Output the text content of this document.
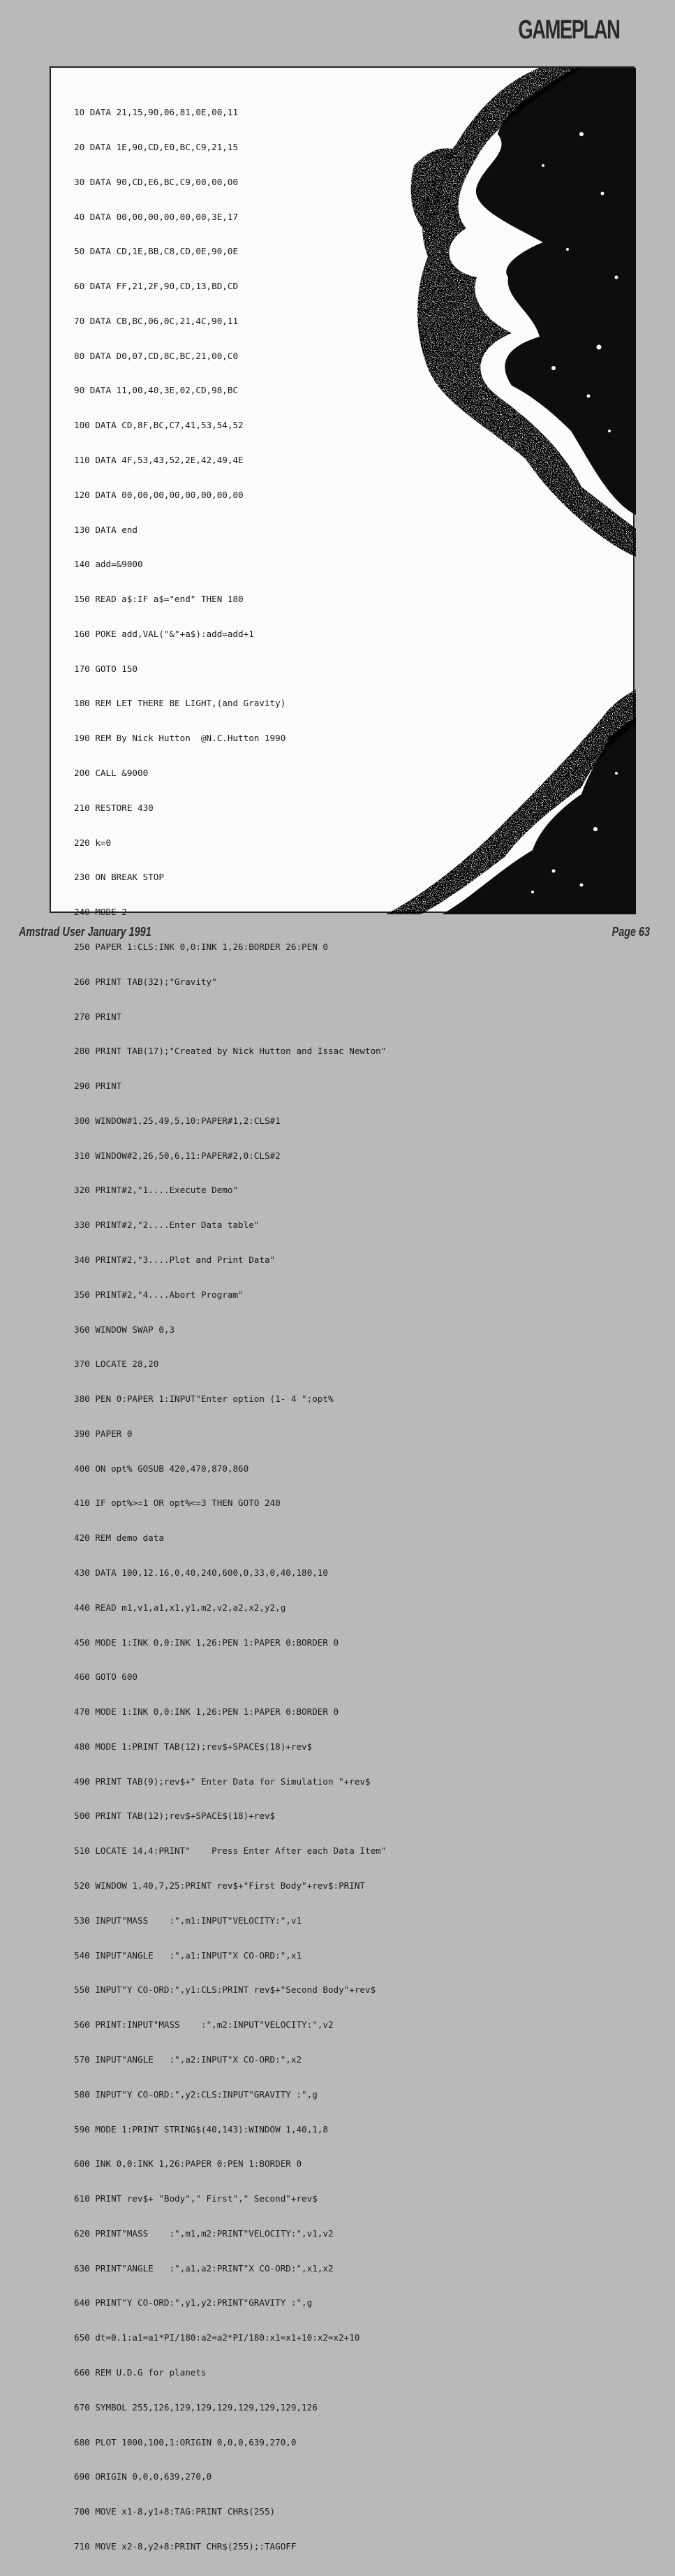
GAMEPLAN

10 DATA 21,15,90,06,81,0E,00,11

20 DATA 1E,90,CD,E0,BC,C9,21,15

30 DATA 90,CD,E6,BC,C9,00,00,00

40 DATA 00,00,00,00,00,00,3E,17

50 DATA CD,1E,BB,C8,CD,0E,90,0E

60 DATA FF,21,2F,90,CD,13,BD,CD

70 DATA CB,BC,06,0C,21,4C,90,11

80 DATA D0,07,CD,8C,BC,21,00,C0

90 DATA 11,00,40,3E,02,CD,98,BC

100 DATA CD,8F,BC,C7,41,53,54,52

110 DATA 4F,53,43,52,2E,42,49,4E

120 DATA 00,00,00,00,00,00,00,00

130 DATA end

140 add=&9000

150 READ a$:IF a$="end" THEN 180

160 POKE add,VAL("&"+a$):add=add+1

170 GOTO 150

180 REM LET THERE BE LIGHT,(and Gravity)

190 REM By Nick Hutton  @N.C.Hutton 1990

200 CALL &9000

210 RESTORE 430

220 k=0

230 ON BREAK STOP

240 MODE 2

250 PAPER 1:CLS:INK 0,0:INK 1,26:BORDER 26:PEN 0

260 PRINT TAB(32);"Gravity"

270 PRINT

280 PRINT TAB(17);"Created by Nick Hutton and Issac Newton"

290 PRINT

300 WINDOW#1,25,49,5,10:PAPER#1,2:CLS#1

310 WINDOW#2,26,50,6,11:PAPER#2,0:CLS#2

320 PRINT#2,"1....Execute Demo"

330 PRINT#2,"2....Enter Data table"

340 PRINT#2,"3....Plot and Print Data"

350 PRINT#2,"4....Abort Program"

360 WINDOW SWAP 0,3

370 LOCATE 28,20

380 PEN 0:PAPER 1:INPUT"Enter option (1- 4 ";opt%

390 PAPER 0

400 ON opt% GOSUB 420,470,870,860

410 IF opt%>=1 OR opt%<=3 THEN GOTO 240

420 REM demo data

430 DATA 100,12.16,0,40,240,600,0,33,0,40,180,10

440 READ m1,v1,a1,x1,y1,m2,v2,a2,x2,y2,g

450 MODE 1:INK 0,0:INK 1,26:PEN 1:PAPER 0:BORDER 0

460 GOTO 600

470 MODE 1:INK 0,0:INK 1,26:PEN 1:PAPER 0:BORDER 0

480 MODE 1:PRINT TAB(12);rev$+SPACE$(18)+rev$

490 PRINT TAB(9);rev$+" Enter Data for Simulation "+rev$

500 PRINT TAB(12);rev$+SPACE$(18)+rev$

510 LOCATE 14,4:PRINT"    Press Enter After each Data Item"

520 WINDOW 1,40,7,25:PRINT rev$+"First Body"+rev$:PRINT

530 INPUT"MASS    :",m1:INPUT"VELOCITY:",v1

540 INPUT"ANGLE   :",a1:INPUT"X CO-ORD:",x1

550 INPUT"Y CO-ORD:",y1:CLS:PRINT rev$+"Second Body"+rev$

560 PRINT:INPUT"MASS    :",m2:INPUT"VELOCITY:",v2

570 INPUT"ANGLE   :",a2:INPUT"X CO-ORD:",x2

580 INPUT"Y CO-ORD:",y2:CLS:INPUT"GRAVITY :",g

590 MODE 1:PRINT STRING$(40,143):WINDOW 1,40,1,8

600 INK 0,0:INK 1,26:PAPER 0:PEN 1:BORDER 0

610 PRINT rev$+ "Body"," First"," Second"+rev$

620 PRINT"MASS    :",m1,m2:PRINT"VELOCITY:",v1,v2

630 PRINT"ANGLE   :",a1,a2:PRINT"X CO-ORD:",x1,x2

640 PRINT"Y CO-ORD:",y1,y2:PRINT"GRAVITY :",g

650 dt=0.1:a1=a1*PI/180:a2=a2*PI/180:x1=x1+10:x2=x2+10

660 REM U.D.G for planets

670 SYMBOL 255,126,129,129,129,129,129,129,126

680 PLOT 1000,100,1:ORIGIN 0,0,0,639,270,0

690 ORIGIN 0,0,0,639,270,0

700 MOVE x1-8,y1+8:TAG:PRINT CHR$(255)

710 MOVE x2-8,y2+8:PRINT CHR$(255);:TAGOFF

Amstrad User January 1991	Page 63
